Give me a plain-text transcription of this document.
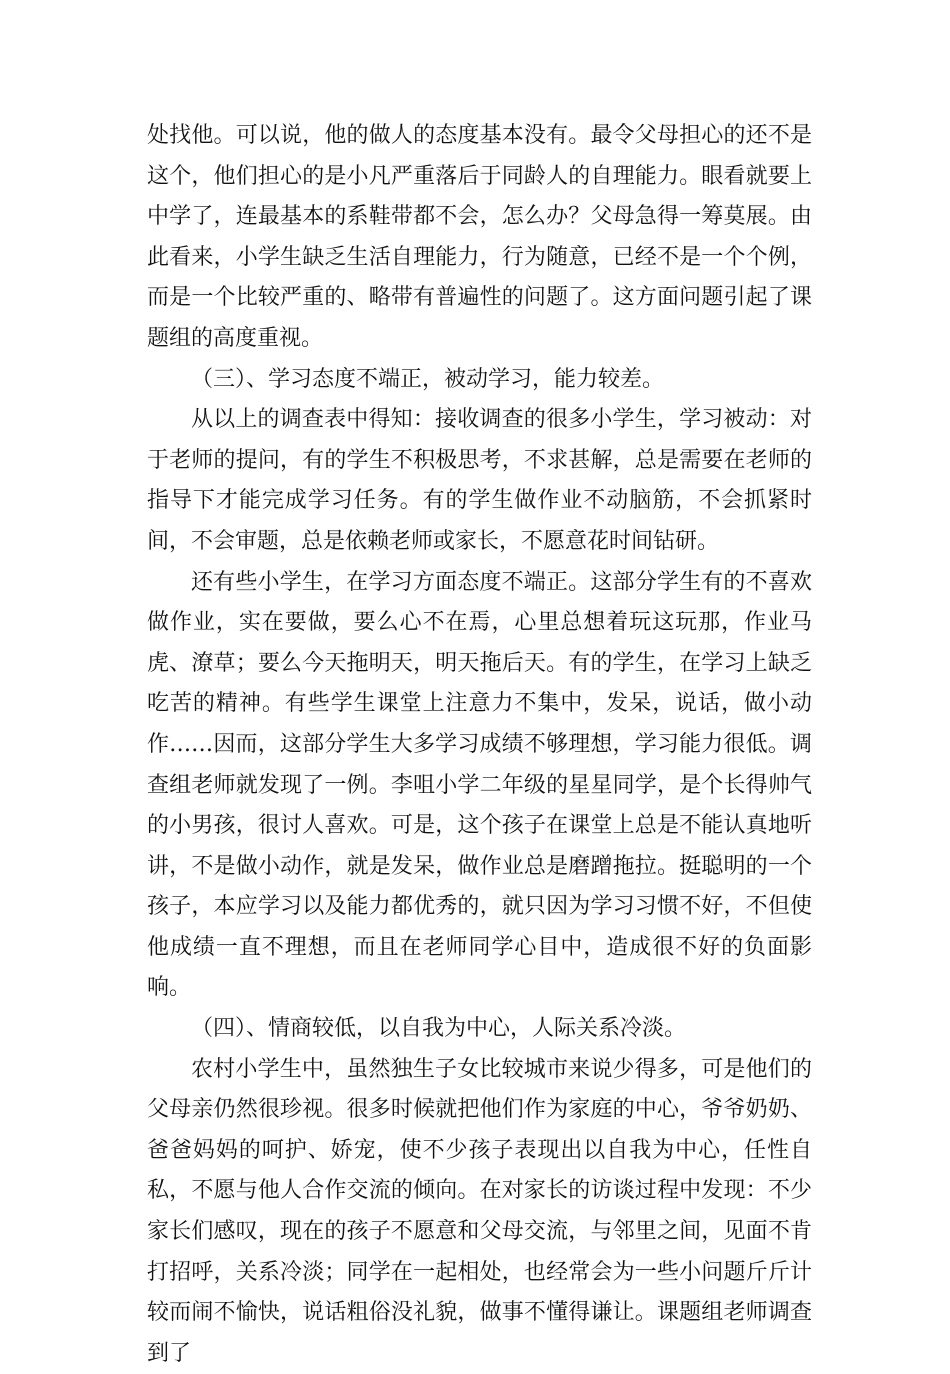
处找他。可以说，他的做人的态度基本没有。最令父母担心的还不是这个，他们担心的是小凡严重落后于同龄人的自理能力。眼看就要上中学了，连最基本的系鞋带都不会，怎么办？父母急得一筹莫展。由此看来，小学生缺乏生活自理能力，行为随意，已经不是一个个例，而是一个比较严重的、略带有普遍性的问题了。这方面问题引起了课题组的高度重视。

（三）、学习态度不端正，被动学习，能力较差。

从以上的调查表中得知：接收调查的很多小学生，学习被动：对于老师的提问，有的学生不积极思考，不求甚解，总是需要在老师的指导下才能完成学习任务。有的学生做作业不动脑筋，不会抓紧时间，不会审题，总是依赖老师或家长，不愿意花时间钻研。

还有些小学生，在学习方面态度不端正。这部分学生有的不喜欢做作业，实在要做，要么心不在焉，心里总想着玩这玩那，作业马虎、潦草；要么今天拖明天，明天拖后天。有的学生，在学习上缺乏吃苦的精神。有些学生课堂上注意力不集中，发呆，说话，做小动作……因而，这部分学生大多学习成绩不够理想，学习能力很低。调查组老师就发现了一例。李咀小学二年级的星星同学，是个长得帅气的小男孩，很讨人喜欢。可是，这个孩子在课堂上总是不能认真地听讲，不是做小动作，就是发呆，做作业总是磨蹭拖拉。挺聪明的一个孩子，本应学习以及能力都优秀的，就只因为学习习惯不好，不但使他成绩一直不理想，而且在老师同学心目中，造成很不好的负面影响。

（四）、情商较低，以自我为中心，人际关系冷淡。

农村小学生中，虽然独生子女比较城市来说少得多，可是他们的父母亲仍然很珍视。很多时候就把他们作为家庭的中心，爷爷奶奶、爸爸妈妈的呵护、娇宠，使不少孩子表现出以自我为中心，任性自私，不愿与他人合作交流的倾向。在对家长的访谈过程中发现：不少家长们感叹，现在的孩子不愿意和父母交流，与邻里之间，见面不肯打招呼，关系冷淡；同学在一起相处，也经常会为一些小问题斤斤计较而闹不愉快，说话粗俗没礼貌，做事不懂得谦让。课题组老师调查到了
